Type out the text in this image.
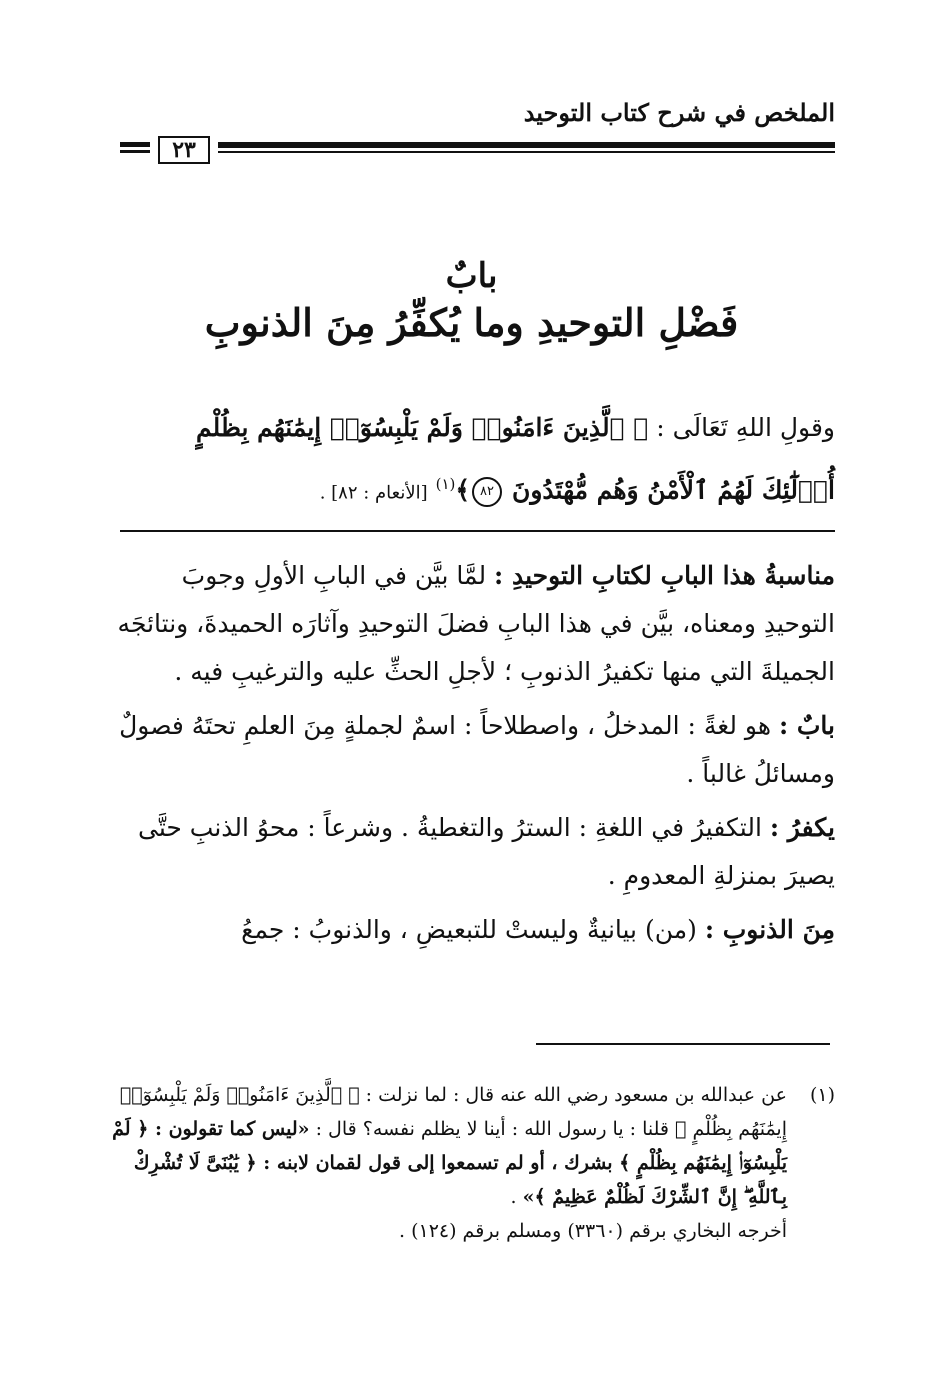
الملخص في شرح كتاب التوحيد
٢٣
بابٌ
فَضْلِ التوحيدِ وما يُكفِّرُ مِنَ الذنوبِ
وقولِ اللهِ تَعَالَى : ﴿ ٱلَّذِينَ ءَامَنُوا۟ وَلَمْ يَلْبِسُوٓا۟ إِيمَٰنَهُم بِظُلْمٍ
أُو۟لَٰٓئِكَ لَهُمُ ٱلْأَمْنُ وَهُم مُّهْتَدُونَ ٨٢﴾$^{(١)}$ [الأنعام : ٨٢] .

مناسبةُ هذا البابِ لكتابِ التوحيدِ : لمَّا بيَّن في البابِ الأولِ وجوبَ التوحيدِ ومعناه، بيَّن في هذا البابِ فضلَ التوحيدِ وآثارَه الحميدةَ، ونتائجَه الجميلةَ التي منها تكفيرُ الذنوبِ ؛ لأجلِ الحثِّ عليه والترغيبِ فيه .

بابٌ : هو لغةً : المدخلُ ، واصطلاحاً : اسمٌ لجملةٍ مِنَ العلمِ تحتَهُ فصولٌ ومسائلُ غالباً .

يكفرُ : التكفيرُ في اللغةِ : السترُ والتغطيةُ . وشرعاً : محوُ الذنبِ حتَّى يصيرَ بمنزلةِ المعدومِ .

مِنَ الذنوبِ : (من) بيانيةٌ وليستْ للتبعيضِ ، والذنوبُ : جمعُ

(١)
عن عبدالله بن مسعود رضي الله عنه قال : لما نزلت : ﴿ ٱلَّذِينَ ءَامَنُوا۟ وَلَمْ يَلْبِسُوٓا۟ إِيمَٰنَهُم بِظُلْمٍ ﴾ قلنا : يا رسول الله : أينا لا يظلم نفسه؟ قال : «ليس كما تقولون : ﴿ لَمْ يَلْبِسُوٓا۟ إِيمَٰنَهُم بِظُلْمٍ ﴾ بشرك ، أو لم تسمعوا إلى قول لقمان لابنه : ﴿ يَٰبُنَىَّ لَا تُشْرِكْ بِٱللَّهِ ۖ إِنَّ ٱلشِّرْكَ لَظُلْمٌ عَظِيمٌ ﴾» .
أخرجه البخاري برقم (٣٣٦٠) ومسلم برقم (١٢٤) .
